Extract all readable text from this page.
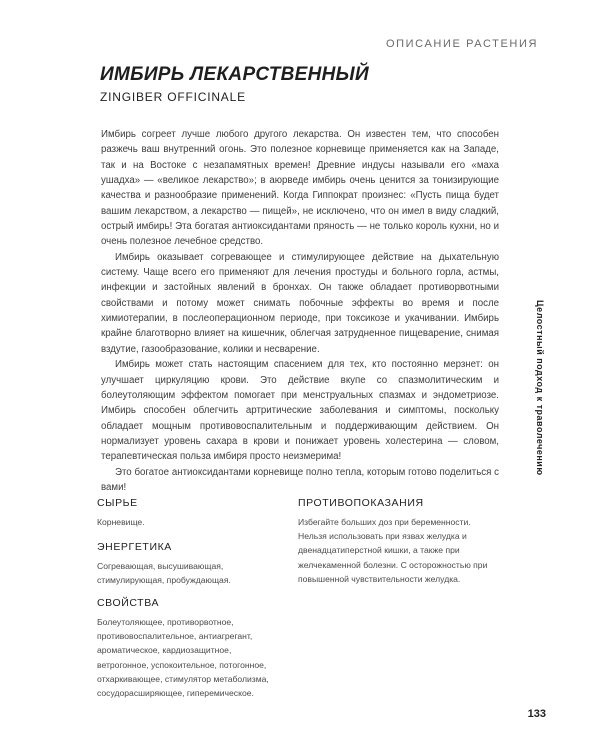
ОПИСАНИЕ РАСТЕНИЯ
ИМБИРЬ ЛЕКАРСТВЕННЫЙ
ZINGIBER OFFICINALE

Имбирь согреет лучше любого другого лекарства. Он известен тем, что способен разжечь ваш внутренний огонь. Это полезное корневище применяется как на Западе, так и на Востоке с незапамятных времен! Древние индусы называли его «маха ушадха» — «великое лекарство»; в аюрведе имбирь очень ценится за тонизирующие качества и разнообразие применений. Когда Гиппократ произнес: «Пусть пища будет вашим лекарством, а лекарство — пищей», не исключено, что он имел в виду сладкий, острый имбирь! Эта богатая антиоксидантами пряность — не только король кухни, но и очень полезное лечебное средство.

Имбирь оказывает согревающее и стимулирующее действие на дыхательную систему. Чаще всего его применяют для лечения простуды и больного горла, астмы, инфекции и застойных явлений в бронхах. Он также обладает противорвотными свойствами и потому может снимать побочные эффекты во время и после химиотерапии, в послеоперационном периоде, при токсикозе и укачивании. Имбирь крайне благотворно влияет на кишечник, облегчая затрудненное пищеварение, снимая вздутие, газообразование, колики и несварение.

Имбирь может стать настоящим спасением для тех, кто постоянно мерзнет: он улучшает циркуляцию крови. Это действие вкупе со спазмолитическим и болеутоляющим эффектом помогает при менструальных спазмах и эндометриозе. Имбирь способен облегчить артритические заболевания и симптомы, поскольку обладает мощным противовоспалительным и поддерживающим действием. Он нормализует уровень сахара в крови и понижает уровень холестерина — словом, терапевтическая польза имбиря просто неизмерима!

Это богатое антиоксидантами корневище полно тепла, которым готово поделиться с вами!

Целостный подход к траволечению
СЫРЬЕ

Корневище.

ЭНЕРГЕТИКА

Согревающая, высушивающая, стимулирующая, пробуждающая.

СВОЙСТВА

Болеутоляющее, противорвотное, противовоспалительное, антиагрегант, ароматическое, кардиозащитное, ветрогонное, успокоительное, потогонное, отхаркивающее, стимулятор метаболизма, сосудорасширяющее, гиперемическое.

ПРОТИВОПОКАЗАНИЯ

Избегайте больших доз при беременности. Нельзя использовать при язвах желудка и двенадцатиперстной кишки, а также при желчекаменной болезни. С осторожностью при повышенной чувствительности желудка.

133
